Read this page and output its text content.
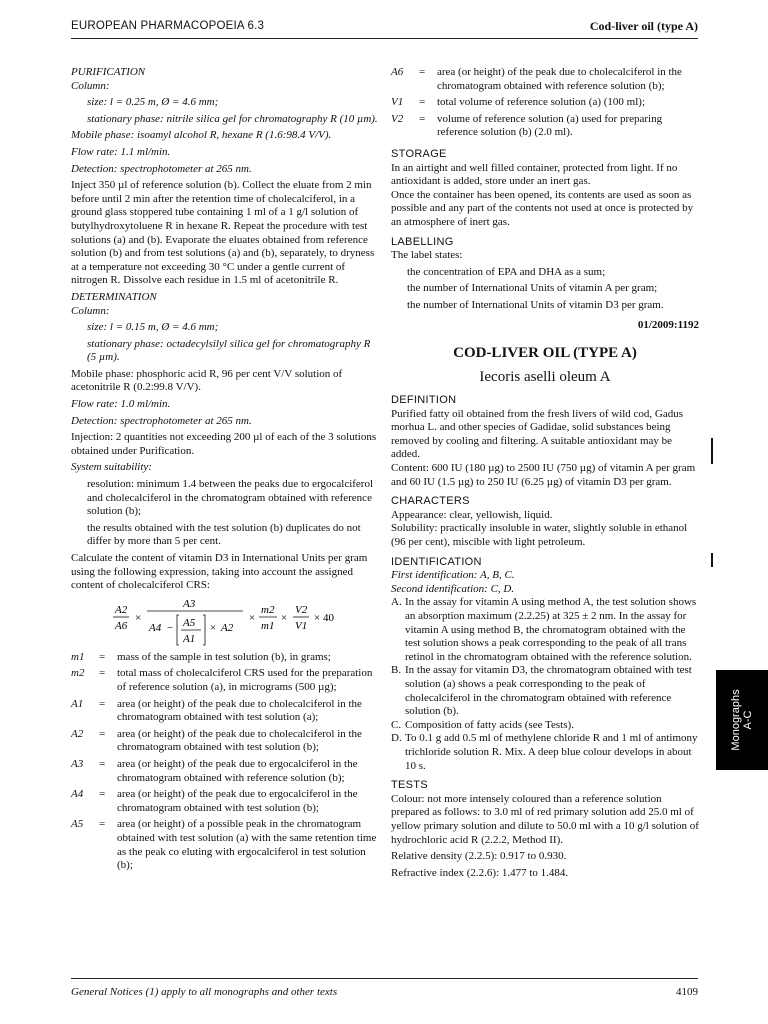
EUROPEAN PHARMACOPOEIA 6.3	Cod-liver oil (type A)

PURIFICATION

Column:

size: l = 0.25 m, Ø = 4.6 mm;

stationary phase: nitrile silica gel for chromatography R (10 µm).

Mobile phase: isoamyl alcohol R, hexane R (1.6:98.4 V/V).

Flow rate: 1.1 ml/min.

Detection: spectrophotometer at 265 nm.

Inject 350 µl of reference solution (b). Collect the eluate from 2 min before until 2 min after the retention time of cholecalciferol, in a ground glass stoppered tube containing 1 ml of a 1 g/l solution of butylhydroxytoluene R in hexane R. Repeat the procedure with test solutions (a) and (b). Evaporate the eluates obtained from reference solution (b) and from test solutions (a) and (b), separately, to dryness at a temperature not exceeding 30 °C under a gentle current of nitrogen R. Dissolve each residue in 1.5 ml of acetonitrile R.

DETERMINATION

Column:

size: l = 0.15 m, Ø = 4.6 mm;

stationary phase: octadecylsilyl silica gel for chromatography R (5 µm).

Mobile phase: phosphoric acid R, 96 per cent V/V solution of acetonitrile R (0.2:99.8 V/V).

Flow rate: 1.0 ml/min.

Detection: spectrophotometer at 265 nm.

Injection: 2 quantities not exceeding 200 µl of each of the 3 solutions obtained under Purification.

System suitability:

resolution: minimum 1.4 between the peaks due to ergocalciferol and cholecalciferol in the chromatogram obtained with reference solution (b);

the results obtained with the test solution (b) duplicates do not differ by more than 5 per cent.

Calculate the content of vitamin D3 in International Units per gram using the following expression, taking into account the assigned content of cholecalciferol CRS:

A2
A6
×
A3
A4 − A5
A1
× A2
×
m2
m1
×
V2
V1
× 40
m1	=	mass of the sample in test solution (b), in grams;
m2	=	total mass of cholecalciferol CRS used for the preparation of reference solution (a), in micrograms (500 µg);
A1	=	area (or height) of the peak due to cholecalciferol in the chromatogram obtained with test solution (a);
A2	=	area (or height) of the peak due to cholecalciferol in the chromatogram obtained with test solution (b);
A3	=	area (or height) of the peak due to ergocalciferol in the chromatogram obtained with reference solution (b);
A4	=	area (or height) of the peak due to ergocalciferol in the chromatogram obtained with test solution (b);
A5	=	area (or height) of a possible peak in the chromatogram obtained with test solution (a) with the same retention time as the peak co eluting with ergocalciferol in test solution (b);
A6	=	area (or height) of the peak due to cholecalciferol in the chromatogram obtained with reference solution (b);
V1	=	total volume of reference solution (a) (100 ml);
V2	=	volume of reference solution (a) used for preparing reference solution (b) (2.0 ml).

STORAGE

In an airtight and well filled container, protected from light. If no antioxidant is added, store under an inert gas.

Once the container has been opened, its contents are used as soon as possible and any part of the contents not used at once is protected by an atmosphere of inert gas.

LABELLING

The label states:

the concentration of EPA and DHA as a sum;

the number of International Units of vitamin A per gram;

the number of International Units of vitamin D3 per gram.

01/2009:1192

COD-LIVER OIL (TYPE A)

Iecoris aselli oleum A

DEFINITION

Purified fatty oil obtained from the fresh livers of wild cod, Gadus morhua L. and other species of Gadidae, solid substances being removed by cooling and filtering. A suitable antioxidant may be added.

Content: 600 IU (180 µg) to 2500 IU (750 µg) of vitamin A per gram and 60 IU (1.5 µg) to 250 IU (6.25 µg) of vitamin D3 per gram.

CHARACTERS

Appearance: clear, yellowish, liquid.

Solubility: practically insoluble in water, slightly soluble in ethanol (96 per cent), miscible with light petroleum.

IDENTIFICATION

First identification: A, B, C.

Second identification: C, D.

A. In the assay for vitamin A using method A, the test solution shows an absorption maximum (2.2.25) at 325 ± 2 nm. In the assay for vitamin A using method B, the chromatogram obtained with the test solution shows a peak corresponding to the peak of all trans retinol in the chromatogram obtained with the reference solution.
B. In the assay for vitamin D3, the chromatogram obtained with test solution (a) shows a peak corresponding to the peak of cholecalciferol in the chromatogram obtained with reference solution (b).
C. Composition of fatty acids (see Tests).
D. To 0.1 g add 0.5 ml of methylene chloride R and 1 ml of antimony trichloride solution R. Mix. A deep blue colour develops in about 10 s.

TESTS

Colour: not more intensely coloured than a reference solution prepared as follows: to 3.0 ml of red primary solution add 25.0 ml of yellow primary solution and dilute to 50.0 ml with a 10 g/l solution of hydrochloric acid R (2.2.2, Method II).

Relative density (2.2.5): 0.917 to 0.930.

Refractive index (2.2.6): 1.477 to 1.484.

Monographs A-C
General Notices (1) apply to all monographs and other texts	4109
